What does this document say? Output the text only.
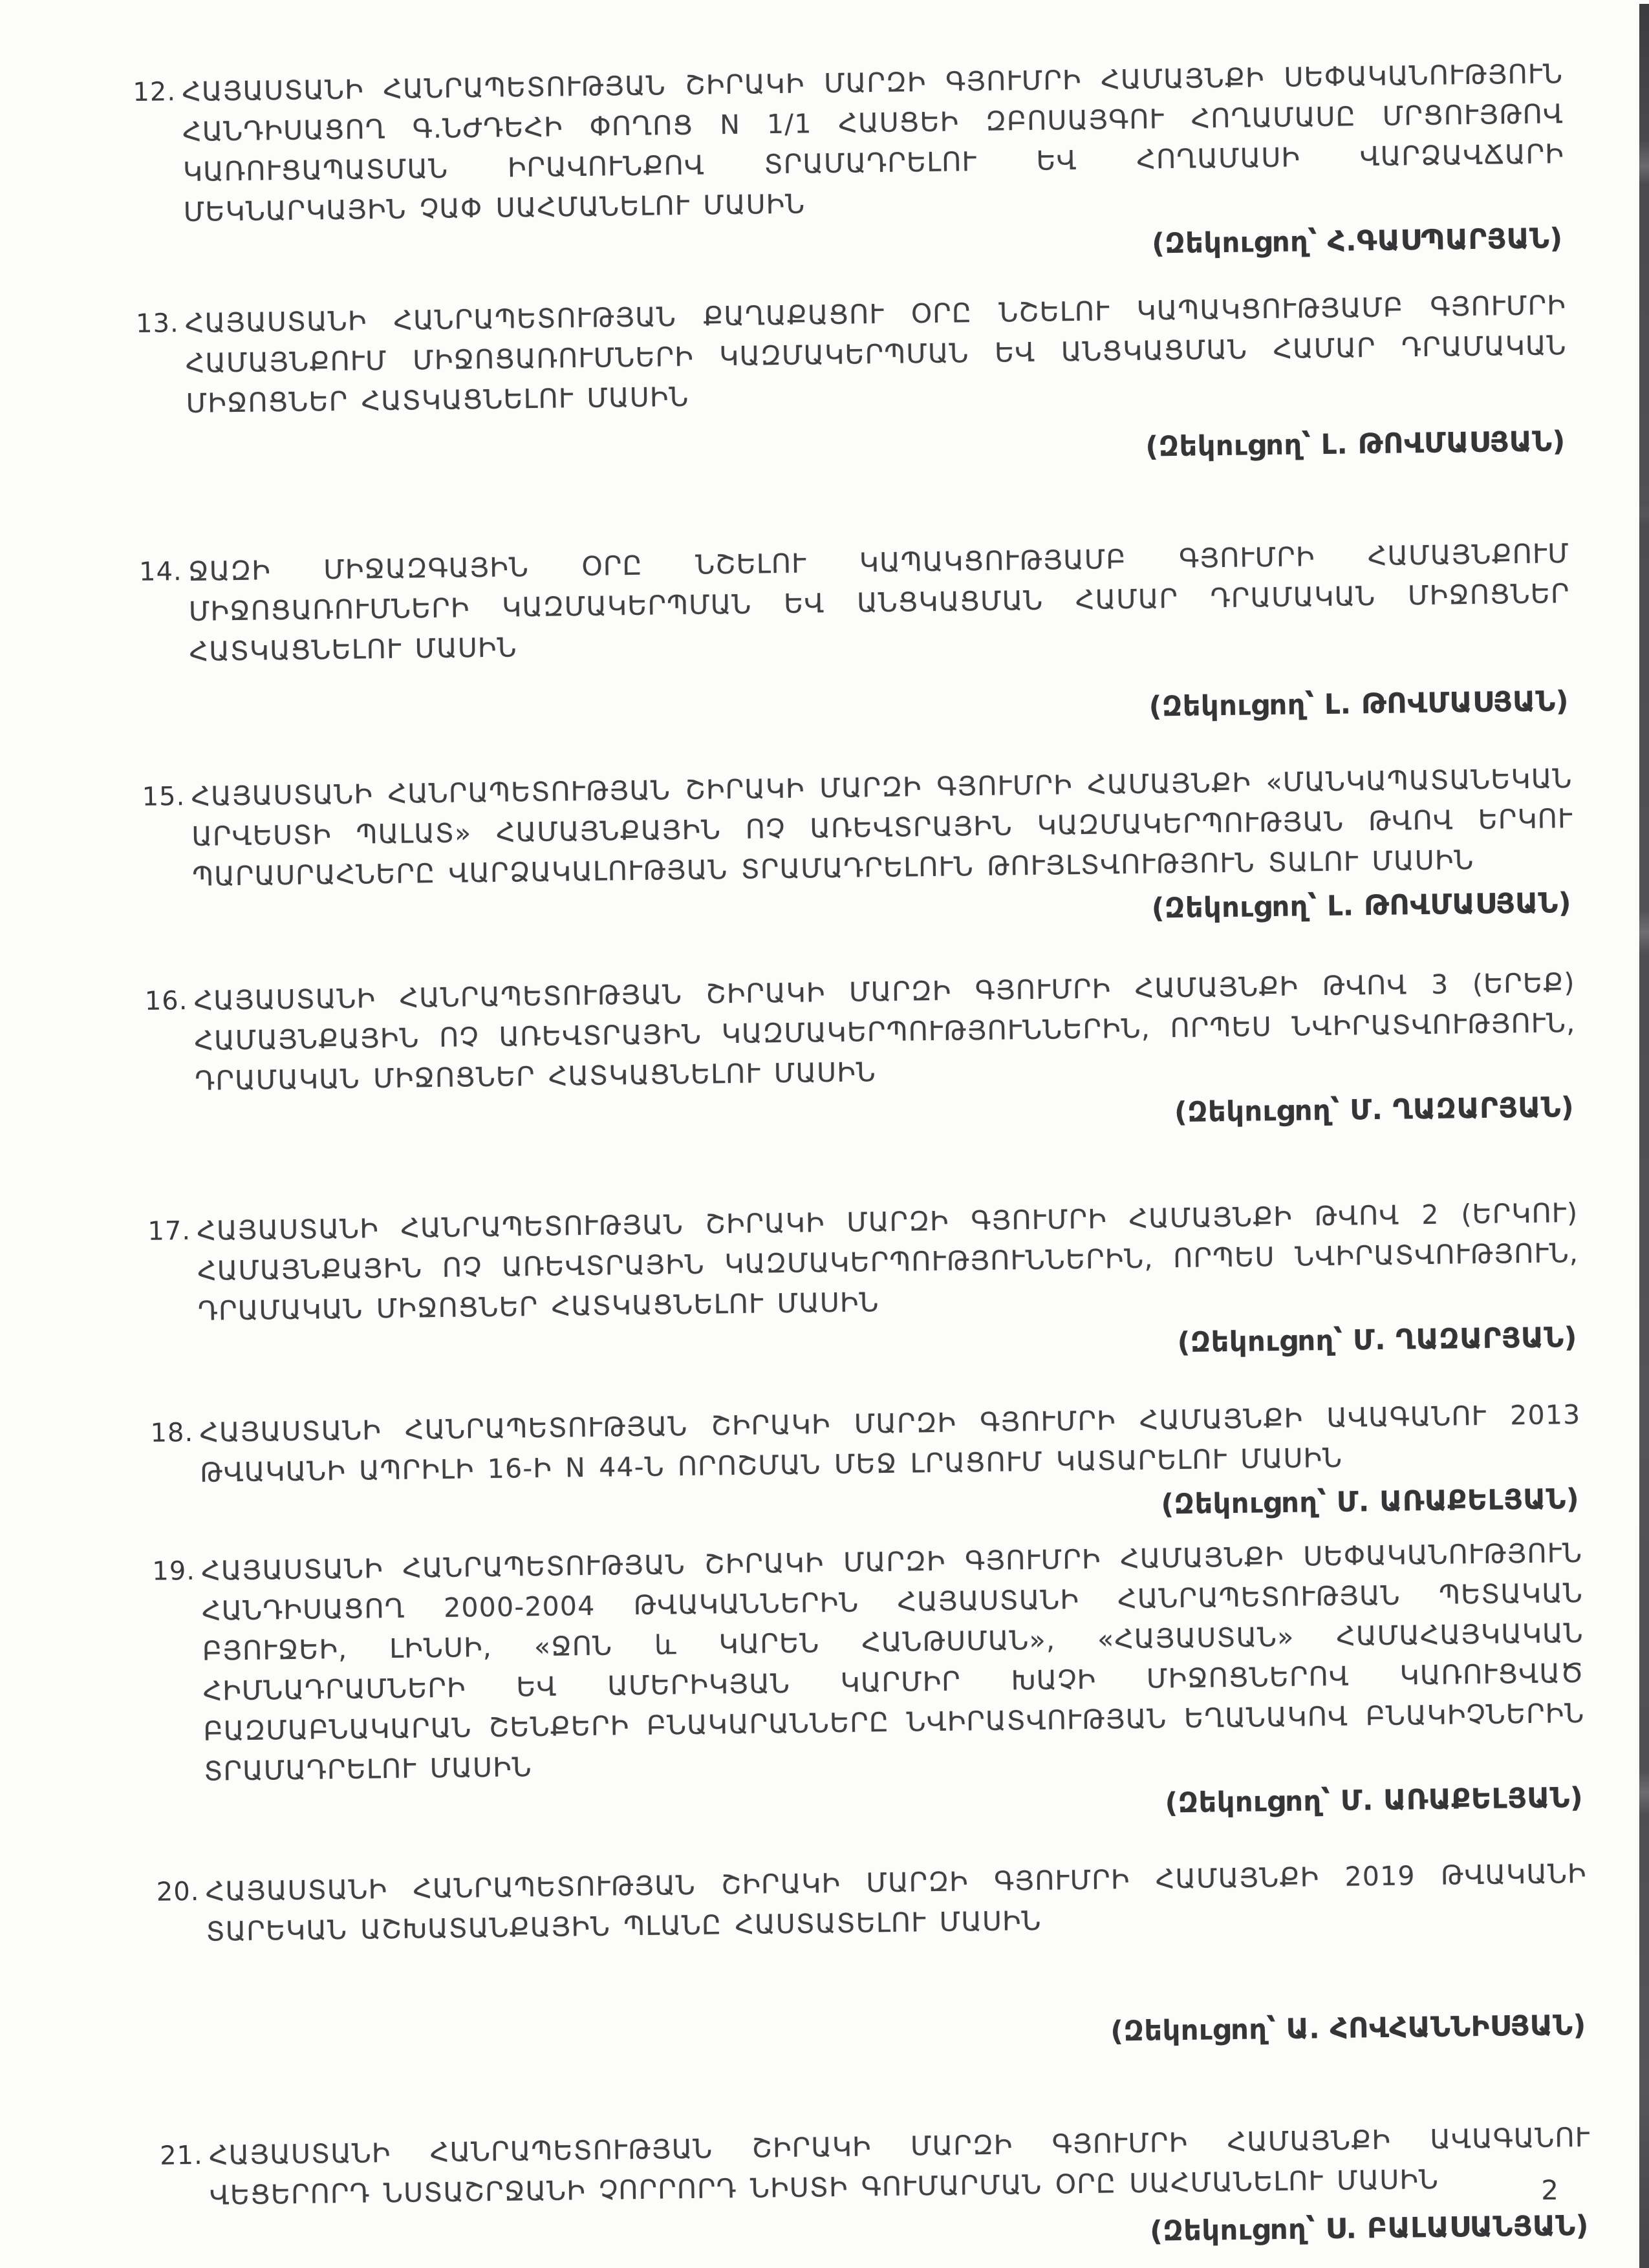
12. ՀԱՅԱՍՏԱՆԻ ՀԱՆՐԱՊԵՏՈՒԹՅԱՆ ՇԻՐԱԿԻ ՄԱՐԶԻ ԳՅՈՒՄՐԻ ՀԱՄԱՅՆՔԻ ՍԵՓԱԿԱՆՈՒԹՅՈՒՆ ՀԱՆԴԻՍԱՑՈՂ Գ.ՆԺԴԵՀԻ ՓՈՂՈՑ N 1/1 ՀԱՍՑԵԻ ԶԲՈՍԱՅԳՈՒ ՀՈՂԱՄԱՍԸ ՄՐՑՈՒՅԹՈՎ ԿԱՌՈՒՑԱՊԱՏՄԱՆ ԻՐԱՎՈՒՆՔՈՎ ՏՐԱՄԱԴՐԵԼՈՒ ԵՎ ՀՈՂԱՄԱՍԻ ՎԱՐՁԱՎՃԱՐԻ ՄԵԿՆԱՐԿԱՅԻՆ ՉԱՓ ՍԱՀՄԱՆԵԼՈՒ ՄԱՍԻՆ
(Զեկուցող՝ Հ.ԳԱՍՊԱՐՅԱՆ)
13. ՀԱՅԱՍՏԱՆԻ ՀԱՆՐԱՊԵՏՈՒԹՅԱՆ ՔԱՂԱՔԱՑՈՒ ՕՐԸ ՆՇԵԼՈՒ ԿԱՊԱԿՑՈՒԹՅԱՄԲ ԳՅՈՒՄՐԻ ՀԱՄԱՅՆՔՈՒՄ ՄԻՋՈՑԱՌՈՒՄՆԵՐԻ ԿԱԶՄԱԿԵՐՊՄԱՆ ԵՎ ԱՆՑԿԱՑՄԱՆ ՀԱՄԱՐ ԴՐԱՄԱԿԱՆ ՄԻՋՈՑՆԵՐ ՀԱՏԿԱՑՆԵԼՈՒ ՄԱՍԻՆ
(Զեկուցող՝ Լ. ԹՈՎՄԱՍՅԱՆ)
14. ՋԱԶԻ ՄԻՋԱԶԳԱՅԻՆ ՕՐԸ ՆՇԵԼՈՒ ԿԱՊԱԿՑՈՒԹՅԱՄԲ ԳՅՈՒՄՐԻ ՀԱՄԱՅՆՔՈՒՄ ՄԻՋՈՑԱՌՈՒՄՆԵՐԻ ԿԱԶՄԱԿԵՐՊՄԱՆ ԵՎ ԱՆՑԿԱՑՄԱՆ ՀԱՄԱՐ ԴՐԱՄԱԿԱՆ ՄԻՋՈՑՆԵՐ ՀԱՏԿԱՑՆԵԼՈՒ ՄԱՍԻՆ
(Զեկուցող՝ Լ. ԹՈՎՄԱՍՅԱՆ)
15. ՀԱՅԱՍՏԱՆԻ ՀԱՆՐԱՊԵՏՈՒԹՅԱՆ ՇԻՐԱԿԻ ՄԱՐԶԻ ԳՅՈՒՄՐԻ ՀԱՄԱՅՆՔԻ «ՄԱՆԿԱՊԱՏԱՆԵԿԱՆ ԱՐՎԵՍՏԻ ՊԱԼԱՏ» ՀԱՄԱՅՆՔԱՅԻՆ ՈՉ ԱՌԵՎՏՐԱՅԻՆ ԿԱԶՄԱԿԵՐՊՈՒԹՅԱՆ ԹՎՈՎ ԵՐԿՈՒ ՊԱՐԱՍՐԱՀՆԵՐԸ ՎԱՐՁԱԿԱԼՈՒԹՅԱՆ ՏՐԱՄԱԴՐԵԼՈՒՆ ԹՈՒՅԼՏՎՈՒԹՅՈՒՆ ՏԱԼՈՒ ՄԱՍԻՆ
(Զեկուցող՝ Լ. ԹՈՎՄԱՍՅԱՆ)
16. ՀԱՅԱՍՏԱՆԻ ՀԱՆՐԱՊԵՏՈՒԹՅԱՆ ՇԻՐԱԿԻ ՄԱՐԶԻ ԳՅՈՒՄՐԻ ՀԱՄԱՅՆՔԻ ԹՎՈՎ 3 (ԵՐԵՔ) ՀԱՄԱՅՆՔԱՅԻՆ ՈՉ ԱՌԵՎՏՐԱՅԻՆ ԿԱԶՄԱԿԵՐՊՈՒԹՅՈՒՆՆԵՐԻՆ, ՈՐՊԵՍ ՆՎԻՐԱՏՎՈՒԹՅՈՒՆ, ԴՐԱՄԱԿԱՆ ՄԻՋՈՑՆԵՐ ՀԱՏԿԱՑՆԵԼՈՒ ՄԱՍԻՆ
(Զեկուցող՝ Մ. ՂԱԶԱՐՅԱՆ)
17. ՀԱՅԱՍՏԱՆԻ ՀԱՆՐԱՊԵՏՈՒԹՅԱՆ ՇԻՐԱԿԻ ՄԱՐԶԻ ԳՅՈՒՄՐԻ ՀԱՄԱՅՆՔԻ ԹՎՈՎ 2 (ԵՐԿՈՒ) ՀԱՄԱՅՆՔԱՅԻՆ ՈՉ ԱՌԵՎՏՐԱՅԻՆ ԿԱԶՄԱԿԵՐՊՈՒԹՅՈՒՆՆԵՐԻՆ, ՈՐՊԵՍ ՆՎԻՐԱՏՎՈՒԹՅՈՒՆ, ԴՐԱՄԱԿԱՆ ՄԻՋՈՑՆԵՐ ՀԱՏԿԱՑՆԵԼՈՒ ՄԱՍԻՆ
(Զեկուցող՝ Մ. ՂԱԶԱՐՅԱՆ)
18. ՀԱՅԱՍՏԱՆԻ ՀԱՆՐԱՊԵՏՈՒԹՅԱՆ ՇԻՐԱԿԻ ՄԱՐԶԻ ԳՅՈՒՄՐԻ ՀԱՄԱՅՆՔԻ ԱՎԱԳԱՆՈՒ 2013 ԹՎԱԿԱՆԻ ԱՊՐԻԼԻ 16-Ի N 44-Ն ՈՐՈՇՄԱՆ ՄԵՋ ԼՐԱՑՈՒՄ ԿԱՏԱՐԵԼՈՒ ՄԱՍԻՆ
(Զեկուցող՝ Մ. ԱՌԱՔԵԼՅԱՆ)
19. ՀԱՅԱՍՏԱՆԻ ՀԱՆՐԱՊԵՏՈՒԹՅԱՆ ՇԻՐԱԿԻ ՄԱՐԶԻ ԳՅՈՒՄՐԻ ՀԱՄԱՅՆՔԻ ՍԵՓԱԿԱՆՈՒԹՅՈՒՆ ՀԱՆԴԻՍԱՑՈՂ 2000-2004 ԹՎԱԿԱՆՆԵՐԻՆ ՀԱՅԱՍՏԱՆԻ ՀԱՆՐԱՊԵՏՈՒԹՅԱՆ ՊԵՏԱԿԱՆ ԲՅՈՒՋԵԻ, ԼԻՆՍԻ, «ՋՈՆ և ԿԱՐԵՆ ՀԱՆԹՍՄԱՆ», «ՀԱՅԱՍՏԱՆ» ՀԱՄԱՀԱՅԿԱԿԱՆ ՀԻՄՆԱԴՐԱՄՆԵՐԻ ԵՎ ԱՄԵՐԻԿՅԱՆ ԿԱՐՄԻՐ ԽԱՉԻ ՄԻՋՈՑՆԵՐՈՎ ԿԱՌՈՒՑՎԱԾ ԲԱԶՄԱԲՆԱԿԱՐԱՆ ՇԵՆՔԵՐԻ ԲՆԱԿԱՐԱՆՆԵՐԸ ՆՎԻՐԱՏՎՈՒԹՅԱՆ ԵՂԱՆԱԿՈՎ ԲՆԱԿԻՉՆԵՐԻՆ ՏՐԱՄԱԴՐԵԼՈՒ ՄԱՍԻՆ
(Զեկուցող՝ Մ. ԱՌԱՔԵԼՅԱՆ)
20. ՀԱՅԱՍՏԱՆԻ ՀԱՆՐԱՊԵՏՈՒԹՅԱՆ ՇԻՐԱԿԻ ՄԱՐԶԻ ԳՅՈՒՄՐԻ ՀԱՄԱՅՆՔԻ 2019 ԹՎԱԿԱՆԻ ՏԱՐԵԿԱՆ ԱՇԽԱՏԱՆՔԱՅԻՆ ՊԼԱՆԸ ՀԱՍՏԱՏԵԼՈՒ ՄԱՍԻՆ
(Զեկուցող՝ Ա. ՀՈՎՀԱՆՆԻՍՅԱՆ)
21. ՀԱՅԱՍՏԱՆԻ ՀԱՆՐԱՊԵՏՈՒԹՅԱՆ ՇԻՐԱԿԻ ՄԱՐԶԻ ԳՅՈՒՄՐԻ ՀԱՄԱՅՆՔԻ ԱՎԱԳԱՆՈՒ ՎԵՑԵՐՈՐԴ ՆՍՏԱՇՐՋԱՆԻ ՉՈՐՐՈՐԴ ՆԻՍՏԻ ԳՈՒՄԱՐՄԱՆ ՕՐԸ ՍԱՀՄԱՆԵԼՈՒ ՄԱՍԻՆ
(Զեկուցող՝ Ս. ԲԱԼԱՍԱՆՅԱՆ)
2
